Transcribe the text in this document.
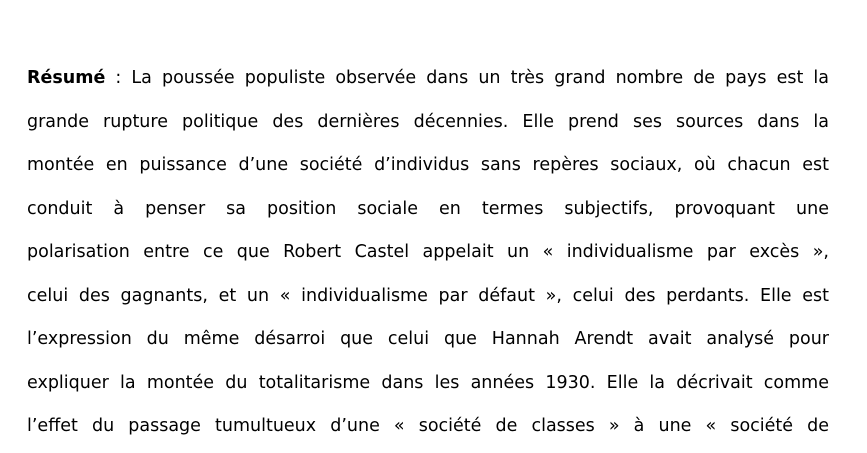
Résumé : La poussée populiste observée dans un très grand nombre de pays est la
grande rupture politique des dernières décennies. Elle prend ses sources dans la
montée en puissance d’une société d’individus sans repères sociaux, où chacun est
conduit à penser sa position sociale en termes subjectifs, provoquant une
polarisation entre ce que Robert Castel appelait un « individualisme par excès »,
celui des gagnants, et un « individualisme par défaut », celui des perdants. Elle est
l’expression du même désarroi que celui que Hannah Arendt avait analysé pour
expliquer la montée du totalitarisme dans les années 1930. Elle la décrivait comme
l’effet du passage tumultueux d’une « société de classes » à une « société de
